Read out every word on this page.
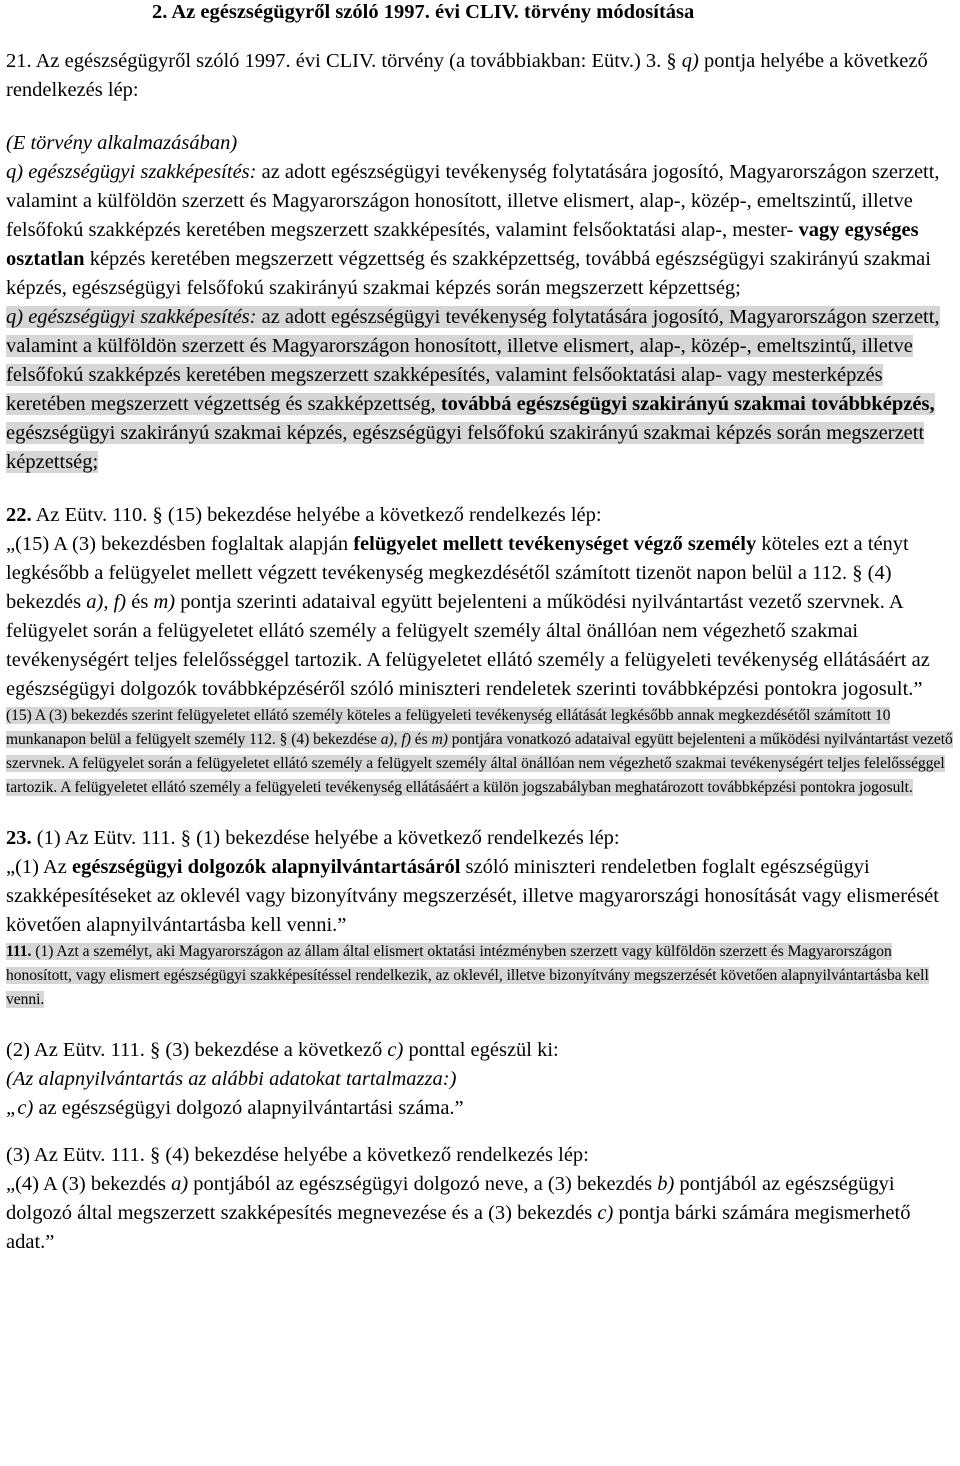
2. Az egészségügyről szóló 1997. évi CLIV. törvény módosítása

21. Az egészségügyről szóló 1997. évi CLIV. törvény (a továbbiakban: Eütv.) 3. § q) pontja helyébe a következő rendelkezés lép:

(E törvény alkalmazásában)

q) egészségügyi szakképesítés: az adott egészségügyi tevékenység folytatására jogosító, Magyarországon szerzett, valamint a külföldön szerzett és Magyarországon honosított, illetve elismert, alap-, közép-, emeltszintű, illetve felsőfokú szakképzés keretében megszerzett szakképesítés, valamint felsőoktatási alap-, mester- vagy egységes osztatlan képzés keretében megszerzett végzettség és szakképzettség, továbbá egészségügyi szakirányú szakmai képzés, egészségügyi felsőfokú szakirányú szakmai képzés során megszerzett képzettség;

q) egészségügyi szakképesítés: az adott egészségügyi tevékenység folytatására jogosító, Magyarországon szerzett, valamint a külföldön szerzett és Magyarországon honosított, illetve elismert, alap-, közép-, emeltszintű, illetve felsőfokú szakképzés keretében megszerzett szakképesítés, valamint felsőoktatási alap- vagy mesterképzés keretében megszerzett végzettség és szakképzettség, továbbá egészségügyi szakirányú szakmai továbbképzés, egészségügyi szakirányú szakmai képzés, egészségügyi felsőfokú szakirányú szakmai képzés során megszerzett képzettség;

22. Az Eütv. 110. § (15) bekezdése helyébe a következő rendelkezés lép:

„(15) A (3) bekezdésben foglaltak alapján felügyelet mellett tevékenységet végző személy köteles ezt a tényt legkésőbb a felügyelet mellett végzett tevékenység megkezdésétől számított tizenöt napon belül a 112. § (4) bekezdés a), f) és m) pontja szerinti adataival együtt bejelenteni a működési nyilvántartást vezető szervnek. A felügyelet során a felügyeletet ellátó személy a felügyelt személy által önállóan nem végezhető szakmai tevékenységért teljes felelősséggel tartozik. A felügyeletet ellátó személy a felügyeleti tevékenység ellátásáért az egészségügyi dolgozók továbbképzéséről szóló miniszteri rendeletek szerinti továbbképzési pontokra jogosult.”

(15) A (3) bekezdés szerint felügyeletet ellátó személy köteles a felügyeleti tevékenység ellátását legkésőbb annak megkezdésétől számított 10 munkanapon belül a felügyelt személy 112. § (4) bekezdése a), f) és m) pontjára vonatkozó adataival együtt bejelenteni a működési nyilvántartást vezető szervnek. A felügyelet során a felügyeletet ellátó személy a felügyelt személy által önállóan nem végezhető szakmai tevékenységért teljes felelősséggel tartozik. A felügyeletet ellátó személy a felügyeleti tevékenység ellátásáért a külön jogszabályban meghatározott továbbképzési pontokra jogosult.

23. (1) Az Eütv. 111. § (1) bekezdése helyébe a következő rendelkezés lép:

„(1) Az egészségügyi dolgozók alapnyilvántartásáról szóló miniszteri rendeletben foglalt egészségügyi szakképesítéseket az oklevél vagy bizonyítvány megszerzését, illetve magyarországi honosítását vagy elismerését követően alapnyilvántartásba kell venni.”

111. (1) Azt a személyt, aki Magyarországon az állam által elismert oktatási intézményben szerzett vagy külföldön szerzett és Magyarországon honosított, vagy elismert egészségügyi szakképesítéssel rendelkezik, az oklevél, illetve bizonyítvány megszerzését követően alapnyilvántartásba kell venni.

(2) Az Eütv. 111. § (3) bekezdése a következő c) ponttal egészül ki:

(Az alapnyilvántartás az alábbi adatokat tartalmazza:)

„c) az egészségügyi dolgozó alapnyilvántartási száma.”

(3) Az Eütv. 111. § (4) bekezdése helyébe a következő rendelkezés lép:

„(4) A (3) bekezdés a) pontjából az egészségügyi dolgozó neve, a (3) bekezdés b) pontjából az egészségügyi dolgozó által megszerzett szakképesítés megnevezése és a (3) bekezdés c) pontja bárki számára megismerhető adat.”
